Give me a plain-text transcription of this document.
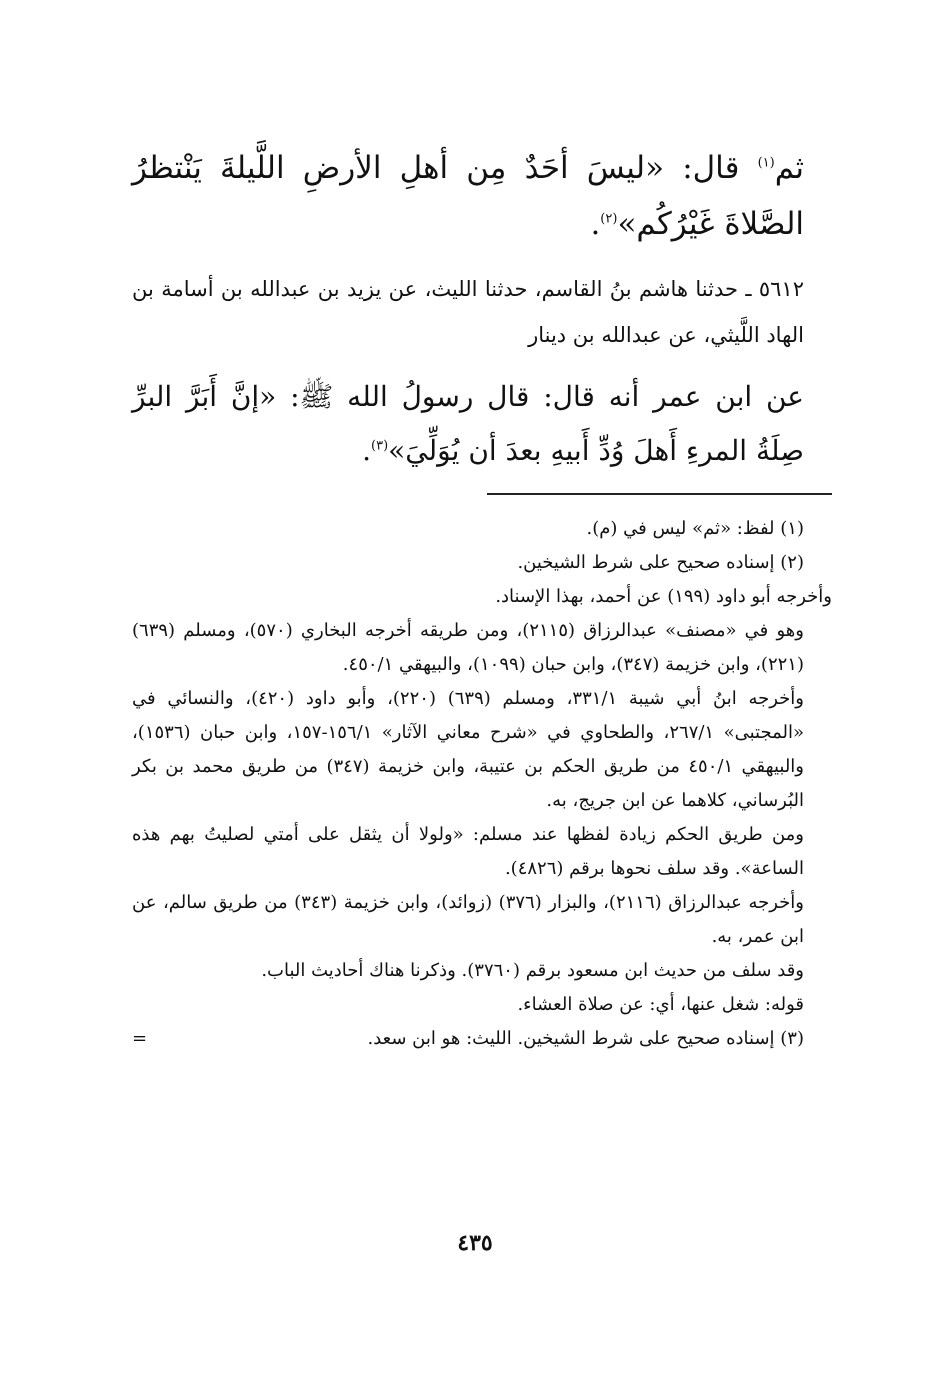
ثم$^{(١)}$ قال: «ليسَ أحَدٌ مِن أهلِ الأرضِ اللَّيلةَ يَنْتظرُ الصَّلاةَ غَيْرُكُم»$^{(٢)}$.

٥٦١٢ ـ حدثنا هاشم بنُ القاسم، حدثنا الليث، عن يزيد بن عبدالله بن أسامة بن الهاد اللَّيثي، عن عبدالله بن دينار

عن ابن عمر أنه قال: قال رسولُ الله ﷺ: «إنَّ أَبَرَّ البرِّ صِلَةُ المرءِ أَهلَ وُدِّ أَبيهِ بعدَ أن يُوَلِّيَ»$^{(٣)}$.

(١) لفظ: «ثم» ليس في (م).

(٢) إسناده صحيح على شرط الشيخين.

وأخرجه أبو داود (١٩٩) عن أحمد، بهذا الإسناد.

وهو في «مصنف» عبدالرزاق (٢١١٥)، ومن طريقه أخرجه البخاري (٥٧٠)، ومسلم (٦٣٩) (٢٢١)، وابن خزيمة (٣٤٧)، وابن حبان (١٠٩٩)، والبيهقي ٤٥٠/١.

وأخرجه ابنُ أبي شيبة ٣٣١/١، ومسلم (٦٣٩) (٢٢٠)، وأبو داود (٤٢٠)، والنسائي في «المجتبى» ٢٦٧/١، والطحاوي في «شرح معاني الآثار» ١٥٦/١-١٥٧، وابن حبان (١٥٣٦)، والبيهقي ٤٥٠/١ من طريق الحكم بن عتيبة، وابن خزيمة (٣٤٧) من طريق محمد بن بكر البُرساني، كلاهما عن ابن جريج، به.

ومن طريق الحكم زيادة لفظها عند مسلم: «ولولا أن يثقل على أمتي لصليتُ بهم هذه الساعة». وقد سلف نحوها برقم (٤٨٢٦).

وأخرجه عبدالرزاق (٢١١٦)، والبزار (٣٧٦) (زوائد)، وابن خزيمة (٣٤٣) من طريق سالم، عن ابن عمر، به.

وقد سلف من حديث ابن مسعود برقم (٣٧٦٠). وذكرنا هناك أحاديث الباب.

قوله: شغل عنها، أي: عن صلاة العشاء.

(٣) إسناده صحيح على شرط الشيخين. الليث: هو ابن سعد.
=

٤٣٥
